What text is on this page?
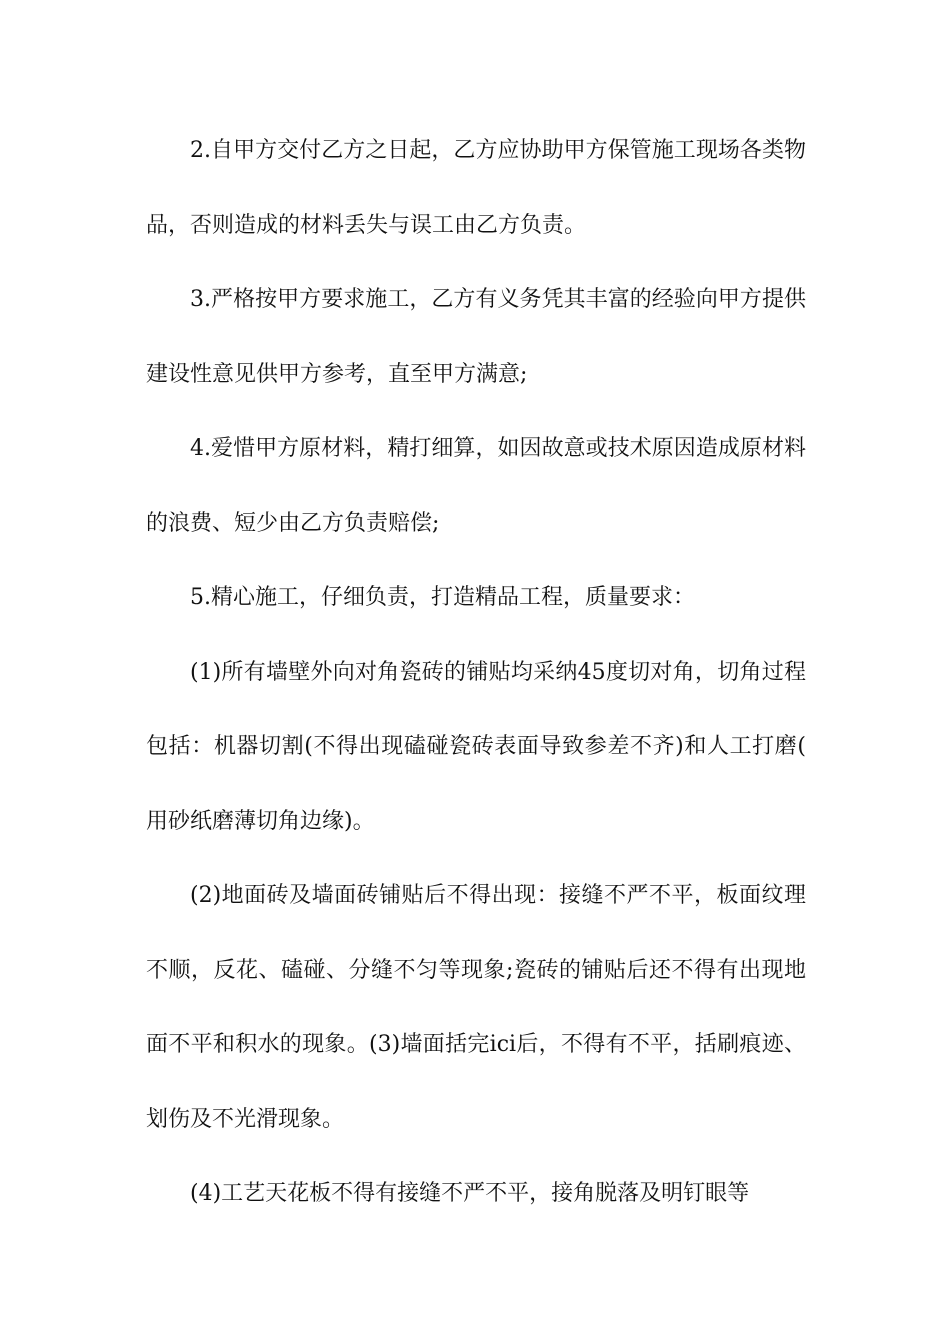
2.自甲方交付乙方之日起，乙方应协助甲方保管施工现场各类物品，否则造成的材料丢失与误工由乙方负责。

3.严格按甲方要求施工，乙方有义务凭其丰富的经验向甲方提供建设性意见供甲方参考，直至甲方满意;

4.爱惜甲方原材料，精打细算，如因故意或技术原因造成原材料的浪费、短少由乙方负责赔偿;

5.精心施工，仔细负责，打造精品工程，质量要求：

(1)所有墙壁外向对角瓷砖的铺贴均采纳45度切对角，切角过程包括：机器切割(不得出现磕碰瓷砖表面导致参差不齐)和人工打磨(用砂纸磨薄切角边缘)。

(2)地面砖及墙面砖铺贴后不得出现：接缝不严不平，板面纹理不顺，反花、磕碰、分缝不匀等现象;瓷砖的铺贴后还不得有出现地面不平和积水的现象。(3)墙面括完ici后，不得有不平，括刷痕迹、划伤及不光滑现象。

(4)工艺天花板不得有接缝不严不平，接角脱落及明钉眼等
